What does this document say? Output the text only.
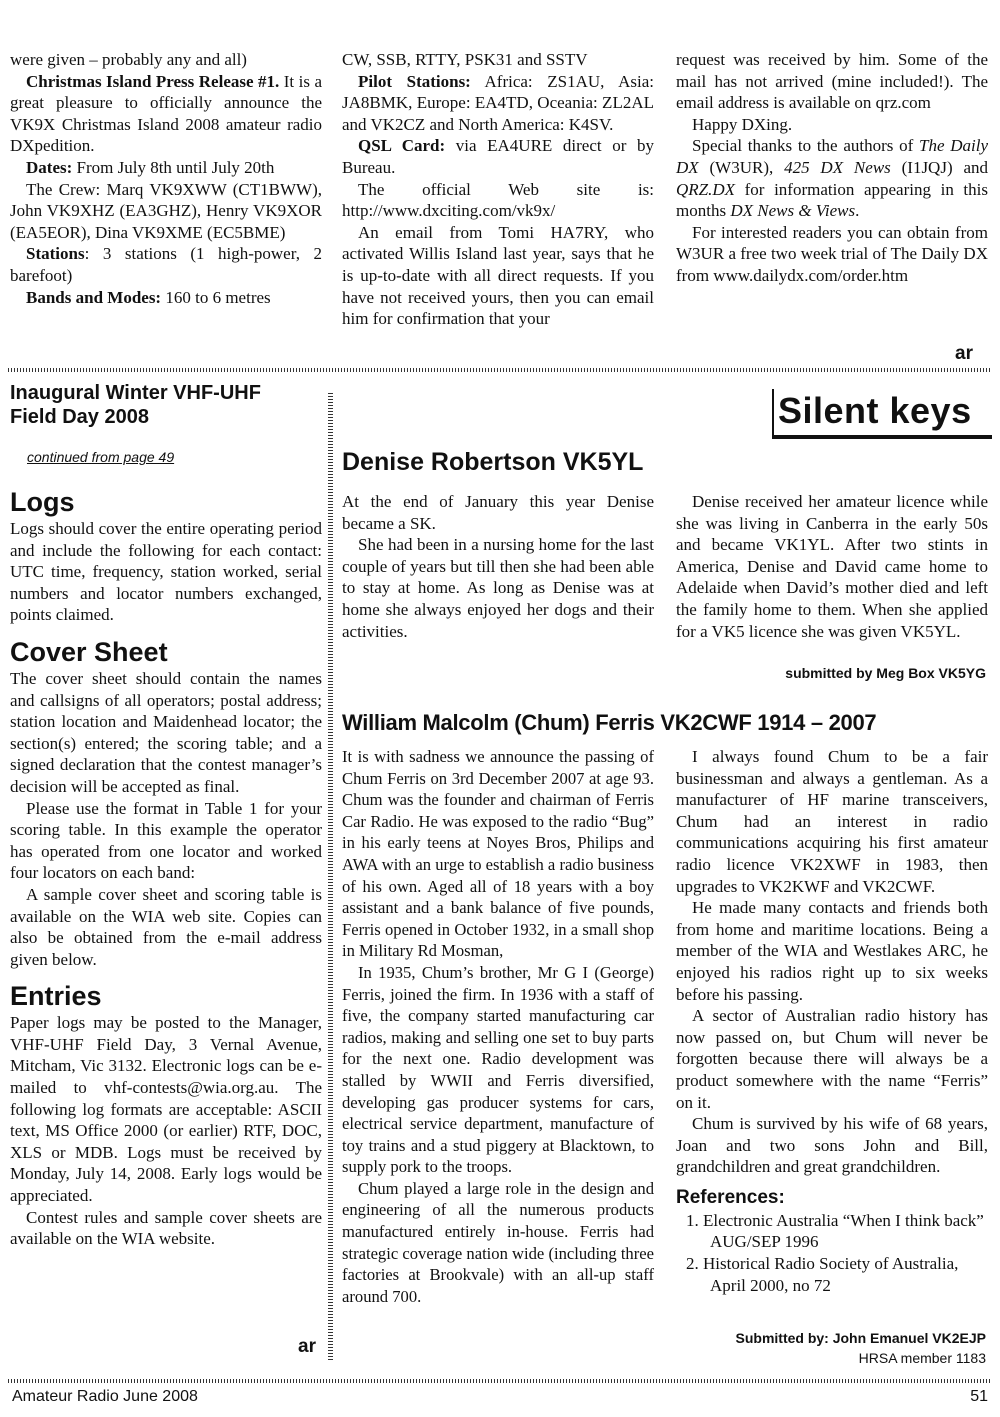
were given – probably any and all)

Christmas Island Press Release #1. It is a great pleasure to officially announce the VK9X Christmas Island 2008 amateur radio DXpedition.

Dates: From July 8th until July 20th

The Crew: Marq VK9XWW (CT1BWW), John VK9XHZ (EA3GHZ), Henry VK9XOR (EA5EOR), Dina VK9XME (EC5BME)

Stations: 3 stations (1 high-power, 2 barefoot)

Bands and Modes: 160 to 6 metres

CW, SSB, RTTY, PSK31 and SSTV

Pilot Stations: Africa: ZS1AU, Asia: JA8BMK, Europe: EA4TD, Oceania: ZL2AL and VK2CZ and North America: K4SV.

QSL Card: via EA4URE direct or by Bureau.

The official Web site is: http://www.dxciting.com/vk9x/

An email from Tomi HA7RY, who activated Willis Island last year, says that he is up-to-date with all direct requests. If you have not received yours, then you can email him for confirmation that your

request was received by him. Some of the mail has not arrived (mine included!). The email address is available on qrz.com

Happy DXing.

Special thanks to the authors of The Daily DX (W3UR), 425 DX News (I1JQJ) and QRZ.DX for information appearing in this months DX News & Views.

For interested readers you can obtain from W3UR a free two week trial of The Daily DX from www.dailydx.com/order.htm

ar
Inaugural Winter VHF-UHF Field Day 2008
continued from page 49
Logs

Logs should cover the entire operating period and include the following for each contact: UTC time, frequency, station worked, serial numbers and locator numbers exchanged, points claimed.

Cover Sheet

The cover sheet should contain the names and callsigns of all operators; postal address; station location and Maidenhead locator; the section(s) entered; the scoring table; and a signed declaration that the contest manager’s decision will be accepted as final.

Please use the format in Table 1 for your scoring table. In this example the operator has operated from one locator and worked four locators on each band:

A sample cover sheet and scoring table is available on the WIA web site. Copies can also be obtained from the e-mail address given below.

Entries

Paper logs may be posted to the Manager, VHF-UHF Field Day, 3 Vernal Avenue, Mitcham, Vic 3132. Electronic logs can be e-mailed to vhf-contests@wia.org.au. The following log formats are acceptable: ASCII text, MS Office 2000 (or earlier) RTF, DOC, XLS or MDB. Logs must be received by Monday, July 14, 2008. Early logs would be appreciated.

Contest rules and sample cover sheets are available on the WIA website.

ar
Silent keys
Denise Robertson VK5YL

At the end of January this year Denise became a SK.

She had been in a nursing home for the last couple of years but till then she had been able to stay at home. As long as Denise was at home she always enjoyed her dogs and their activities.

Denise received her amateur licence while she was living in Canberra in the early 50s and became VK1YL. After two stints in America, Denise and David came home to Adelaide when David’s mother died and left the family home to them. When she applied for a VK5 licence she was given VK5YL.

submitted by Meg Box VK5YG
William Malcolm (Chum) Ferris VK2CWF 1914 – 2007

It is with sadness we announce the passing of Chum Ferris on 3rd December 2007 at age 93. Chum was the founder and chairman of Ferris Car Radio. He was exposed to the radio “Bug” in his early teens at Noyes Bros, Philips and AWA with an urge to establish a radio business of his own. Aged all of 18 years with a boy assistant and a bank balance of five pounds, Ferris opened in October 1932, in a small shop in Military Rd Mosman,

In 1935, Chum’s brother, Mr G I (George) Ferris, joined the firm. In 1936 with a staff of five, the company started manufacturing car radios, making and selling one set to buy parts for the next one. Radio development was stalled by WWII and Ferris diversified, developing gas producer systems for cars, electrical service department, manufacture of toy trains and a stud piggery at Blacktown, to supply pork to the troops.

Chum played a large role in the design and engineering of all the numerous products manufactured entirely in-house. Ferris had strategic coverage nation wide (including three factories at Brookvale) with an all-up staff around 700.

I always found Chum to be a fair businessman and always a gentleman. As a manufacturer of HF marine transceivers, Chum had an interest in radio communications acquiring his first amateur radio licence VK2XWF in 1983, then upgrades to VK2KWF and VK2CWF.

He made many contacts and friends both from home and maritime locations. Being a member of the WIA and Westlakes ARC, he enjoyed his radios right up to six weeks before his passing.

A sector of Australian radio history has now passed on, but Chum will never be forgotten because there will always be a product somewhere with the name “Ferris” on it.

Chum is survived by his wife of 68 years, Joan and two sons John and Bill, grandchildren and great grandchildren.

References:
1. Electronic Australia “When I think back” AUG/SEP 1996
2. Historical Radio Society of Australia, April 2000, no 72
Submitted by: John Emanuel VK2EJP
HRSA member 1183
Amateur Radio June 2008	51
